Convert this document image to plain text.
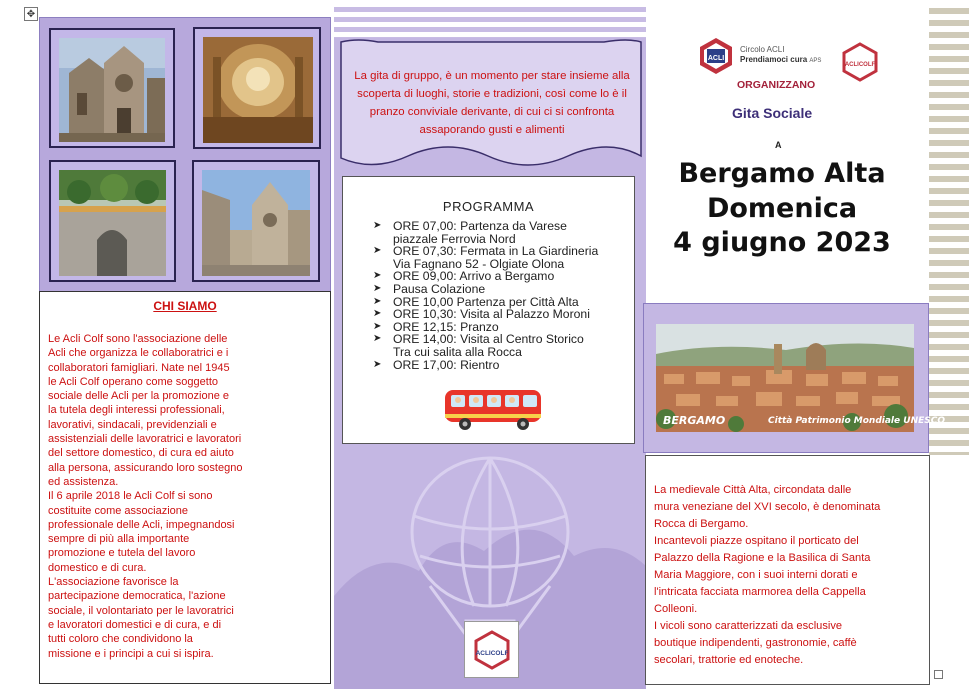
✥
CHI SIAMO
Le Acli Colf sono l'associazione delle
Acli che organizza le collaboratrici e i
collaboratori famigliari. Nate nel 1945
le Acli Colf operano come soggetto
sociale delle Acli per la promozione e
la tutela degli interessi professionali,
lavorativi, sindacali, previdenziali e
assistenziali delle lavoratrici e lavoratori
del settore domestico, di cura ed aiuto
alla persona, assicurando loro sostegno
ed assistenza.
Il 6 aprile 2018 le Acli Colf si sono
costituite come associazione
professionale delle Acli, impegnandosi
sempre di più alla importante
promozione e tutela del lavoro
domestico e di cura.
L'associazione favorisce la
partecipazione democratica, l'azione
sociale, il volontariato per le lavoratrici
e lavoratori domestici e di cura, e di
tutti coloro che condividono la
missione e i principi a cui si ispira.
La gita di gruppo, è un momento per stare insieme alla scoperta di luoghi, storie e tradizioni, così come lo è il pranzo conviviale derivante, di cui ci si confronta assaporando gusti e alimenti
PROGRAMMA
➤ ORE 07,00: Partenza da Varese
piazzale Ferrovia Nord
➤ ORE 07,30: Fermata in La Giardineria
Via Fagnano 52 - Olgiate Olona
➤ ORE 09,00: Arrivo a Bergamo
➤ Pausa Colazione
➤ ORE 10,00 Partenza per Città Alta
➤ ORE 10,30: Visita al Palazzo Moroni
➤ ORE 12,15: Pranzo
➤ ORE 14,00: Visita al Centro Storico
Tra cui salita alla Rocca
➤ ORE 17,00: Rientro
ACLICOLF
ACLI
Circolo ACLI
Prendiamoci cura APS
ACLICOLF
ORGANIZZANO
Gita Sociale
A
Bergamo Alta
Domenica
4 giugno 2023
BERGAMO	Città Patrimonio Mondiale UNESCO
La medievale Città Alta, circondata dalle
mura veneziane del XVI secolo, è denominata
Rocca di Bergamo.
Incantevoli piazze ospitano il porticato del
Palazzo della Ragione e la Basilica di Santa
Maria Maggiore, con i suoi interni dorati e
l'intricata facciata marmorea della Cappella
Colleoni.
I vicoli sono caratterizzati da esclusive
boutique indipendenti, gastronomie, caffè
secolari, trattorie ed enoteche.
